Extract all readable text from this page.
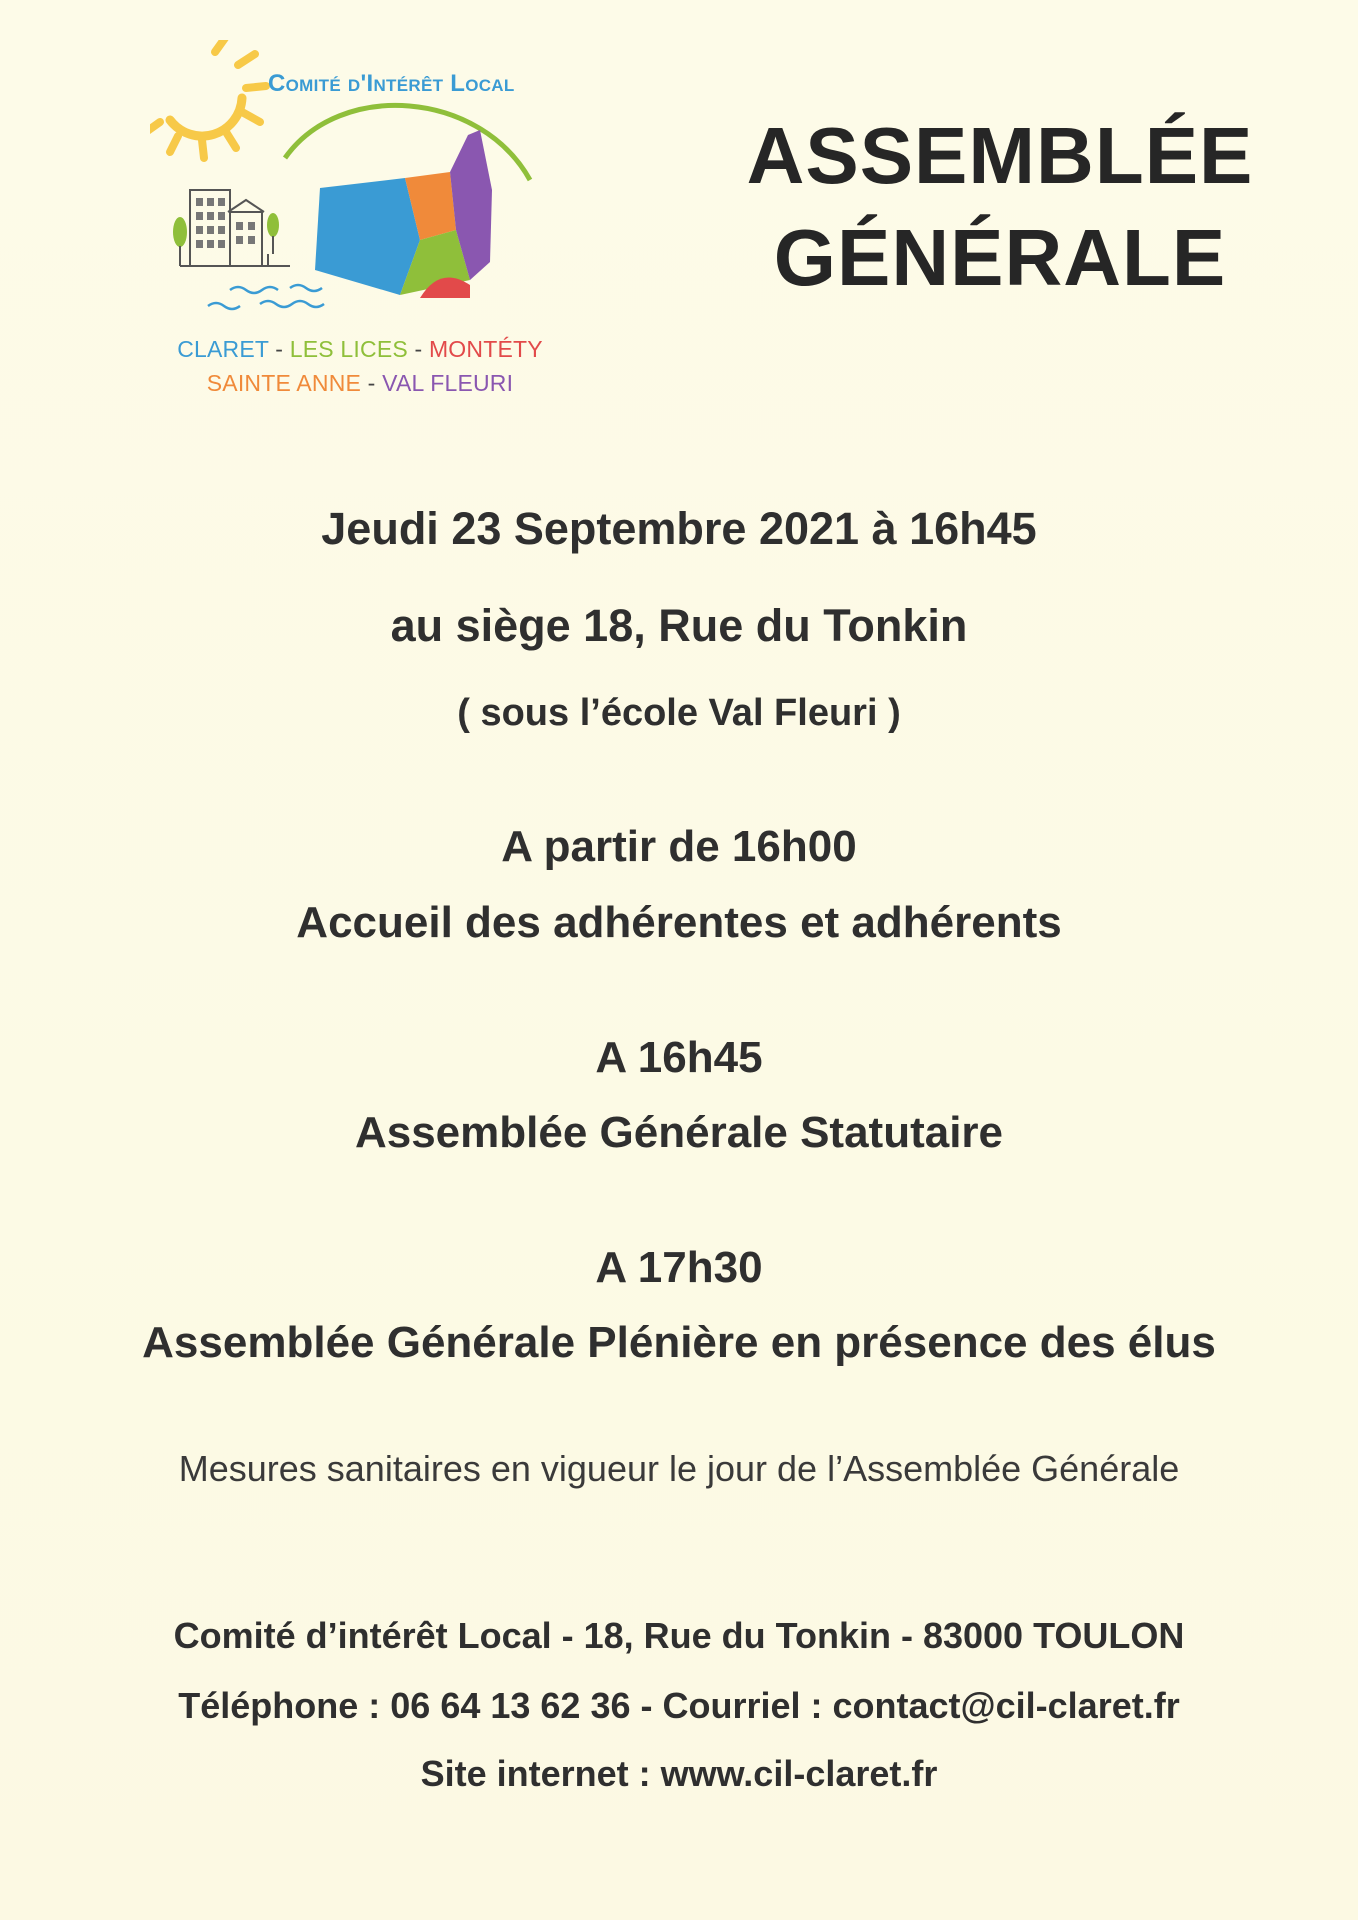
Comité d'Intérêt Local
CLARET - LES LICES - MONTÉTY
SAINTE ANNE - VAL FLEURI
ASSEMBLÉE
GÉNÉRALE
Jeudi 23 Septembre 2021 à 16h45
au siège 18, Rue du Tonkin
( sous l’école Val Fleuri )
A partir de 16h00
Accueil des adhérentes et adhérents
A 16h45
Assemblée Générale Statutaire
A 17h30
Assemblée Générale Plénière en présence des élus
Mesures sanitaires en vigueur le jour de l’Assemblée Générale
Comité d’intérêt Local - 18, Rue du Tonkin - 83000 TOULON
Téléphone : 06 64 13 62 36 - Courriel : contact@cil-claret.fr
Site internet : www.cil-claret.fr
